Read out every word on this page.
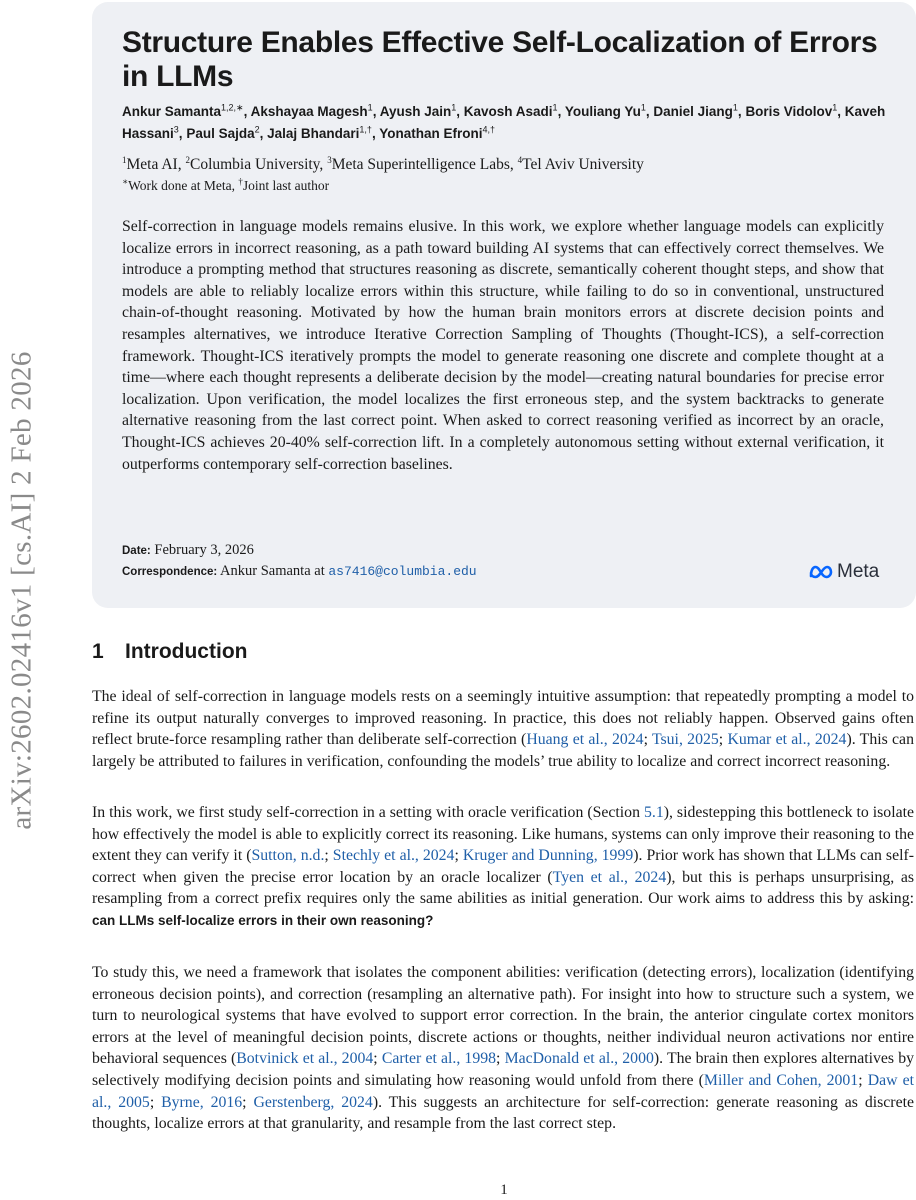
arXiv:2602.02416v1 [cs.AI] 2 Feb 2026
Structure Enables Effective Self-Localization of Errors in LLMs

Ankur Samanta$^{1,2,∗}$, Akshayaa Magesh$^1$, Ayush Jain$^1$, Kavosh Asadi$^1$, Youliang Yu$^1$, Daniel Jiang$^1$, Boris Vidolov$^1$, Kaveh Hassani$^3$, Paul Sajda$^2$, Jalaj Bhandari$^{1,\dagger}$, Yonathan Efroni$^{4,\dagger}$

$^1$Meta AI, $^2$Columbia University, $^3$Meta Superintelligence Labs, $^4$Tel Aviv University

∗Work done at Meta, †Joint last author

Self-correction in language models remains elusive. In this work, we explore whether language models can explicitly localize errors in incorrect reasoning, as a path toward building AI systems that can effectively correct themselves. We introduce a prompting method that structures reasoning as discrete, semantically coherent thought steps, and show that models are able to reliably localize errors within this structure, while failing to do so in conventional, unstructured chain-of-thought reasoning. Motivated by how the human brain monitors errors at discrete decision points and resamples alternatives, we introduce Iterative Correction Sampling of Thoughts (Thought-ICS), a self-correction framework. Thought-ICS iteratively prompts the model to generate reasoning one discrete and complete thought at a time—where each thought represents a deliberate decision by the model—creating natural boundaries for precise error localization. Upon verification, the model localizes the first erroneous step, and the system backtracks to generate alternative reasoning from the last correct point. When asked to correct reasoning verified as incorrect by an oracle, Thought-ICS achieves 20-40% self-correction lift. In a completely autonomous setting without external verification, it outperforms contemporary self-correction baselines.

Date: February 3, 2026

Correspondence: Ankur Samanta at as7416@columbia.edu	Meta
1 Introduction

The ideal of self-correction in language models rests on a seemingly intuitive assumption: that repeatedly prompting a model to refine its output naturally converges to improved reasoning. In practice, this does not reliably happen. Observed gains often reflect brute-force resampling rather than deliberate self-correction (Huang et al., 2024; Tsui, 2025; Kumar et al., 2024). This can largely be attributed to failures in verification, confounding the models’ true ability to localize and correct incorrect reasoning.

In this work, we first study self-correction in a setting with oracle verification (Section 5.1), sidestepping this bottleneck to isolate how effectively the model is able to explicitly correct its reasoning. Like humans, systems can only improve their reasoning to the extent they can verify it (Sutton, n.d.; Stechly et al., 2024; Kruger and Dunning, 1999). Prior work has shown that LLMs can self-correct when given the precise error location by an oracle localizer (Tyen et al., 2024), but this is perhaps unsurprising, as resampling from a correct prefix requires only the same abilities as initial generation. Our work aims to address this by asking: can LLMs self-localize errors in their own reasoning?

To study this, we need a framework that isolates the component abilities: verification (detecting errors), localization (identifying erroneous decision points), and correction (resampling an alternative path). For insight into how to structure such a system, we turn to neurological systems that have evolved to support error correction. In the brain, the anterior cingulate cortex monitors errors at the level of meaningful decision points, discrete actions or thoughts, neither individual neuron activations nor entire behavioral sequences (Botvinick et al., 2004; Carter et al., 1998; MacDonald et al., 2000). The brain then explores alternatives by selectively modifying decision points and simulating how reasoning would unfold from there (Miller and Cohen, 2001; Daw et al., 2005; Byrne, 2016; Gerstenberg, 2024). This suggests an architecture for self-correction: generate reasoning as discrete thoughts, localize errors at that granularity, and resample from the last correct step.

1
